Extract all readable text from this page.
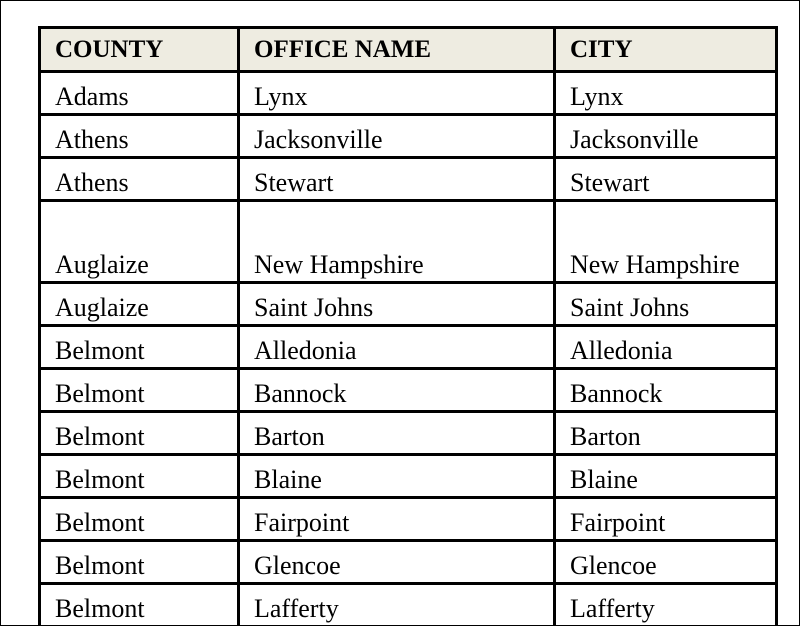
COUNTY	OFFICE NAME	CITY
Adams	Lynx	Lynx
Athens	Jacksonville	Jacksonville
Athens	Stewart	Stewart
Auglaize	New Hampshire	New Hampshire
Auglaize	Saint Johns	Saint Johns
Belmont	Alledonia	Alledonia
Belmont	Bannock	Bannock
Belmont	Barton	Barton
Belmont	Blaine	Blaine
Belmont	Fairpoint	Fairpoint
Belmont	Glencoe	Glencoe
Belmont	Lafferty	Lafferty
